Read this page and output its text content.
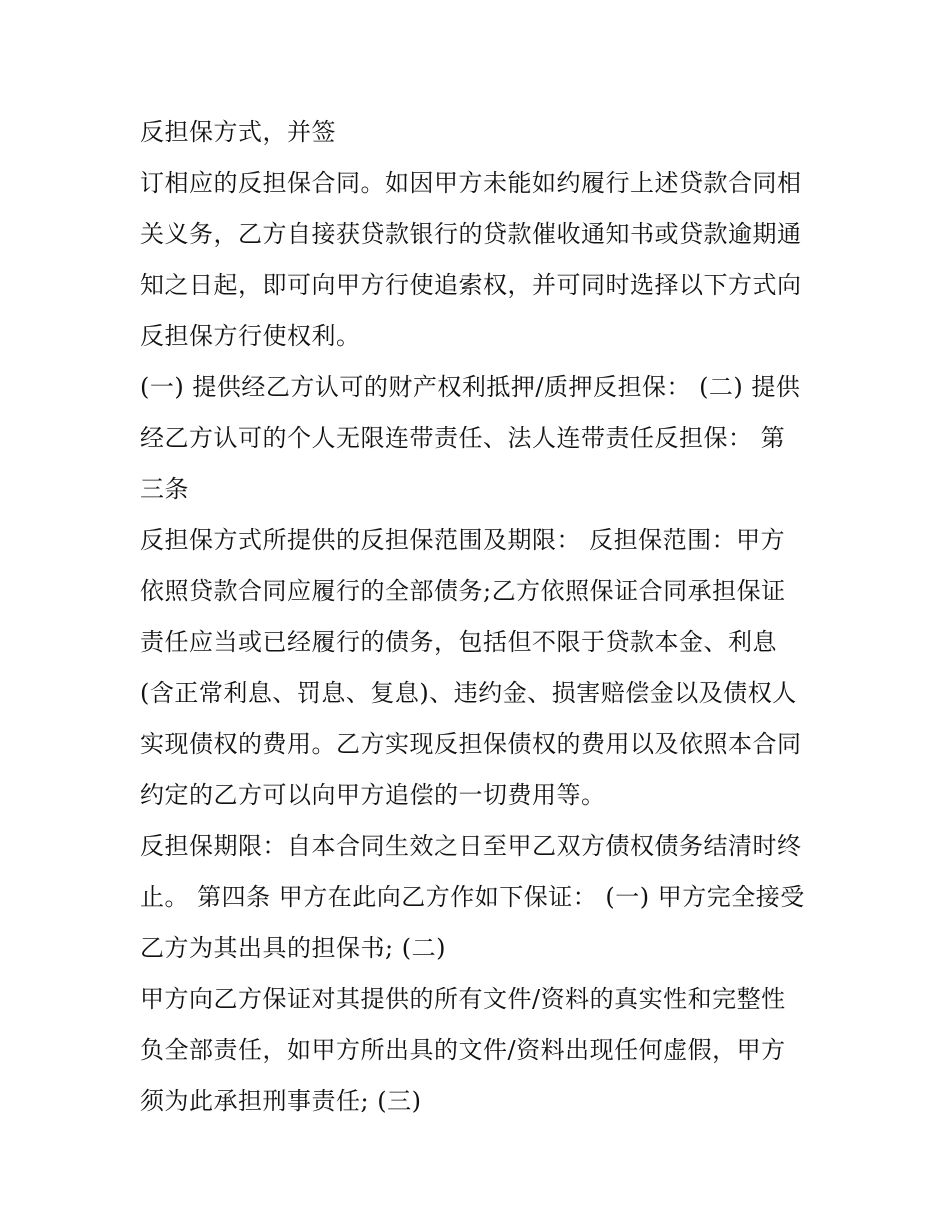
反担保方式，并签
订相应的反担保合同。如因甲方未能如约履行上述贷款合同相
关义务，乙方自接获贷款银行的贷款催收通知书或贷款逾期通
知之日起，即可向甲方行使追索权，并可同时选择以下方式向
反担保方行使权利。
(一) 提供经乙方认可的财产权利抵押/质押反担保： (二) 提供
经乙方认可的个人无限连带责任、法人连带责任反担保： 第
三条
反担保方式所提供的反担保范围及期限： 反担保范围：甲方
依照贷款合同应履行的全部债务;乙方依照保证合同承担保证
责任应当或已经履行的债务，包括但不限于贷款本金、利息
(含正常利息、罚息、复息)、违约金、损害赔偿金以及债权人
实现债权的费用。乙方实现反担保债权的费用以及依照本合同
约定的乙方可以向甲方追偿的一切费用等。
反担保期限：自本合同生效之日至甲乙双方债权债务结清时终
止。 第四条 甲方在此向乙方作如下保证： (一) 甲方完全接受
乙方为其出具的担保书; (二)
甲方向乙方保证对其提供的所有文件/资料的真实性和完整性
负全部责任，如甲方所出具的文件/资料出现任何虚假，甲方
须为此承担刑事责任; (三)
